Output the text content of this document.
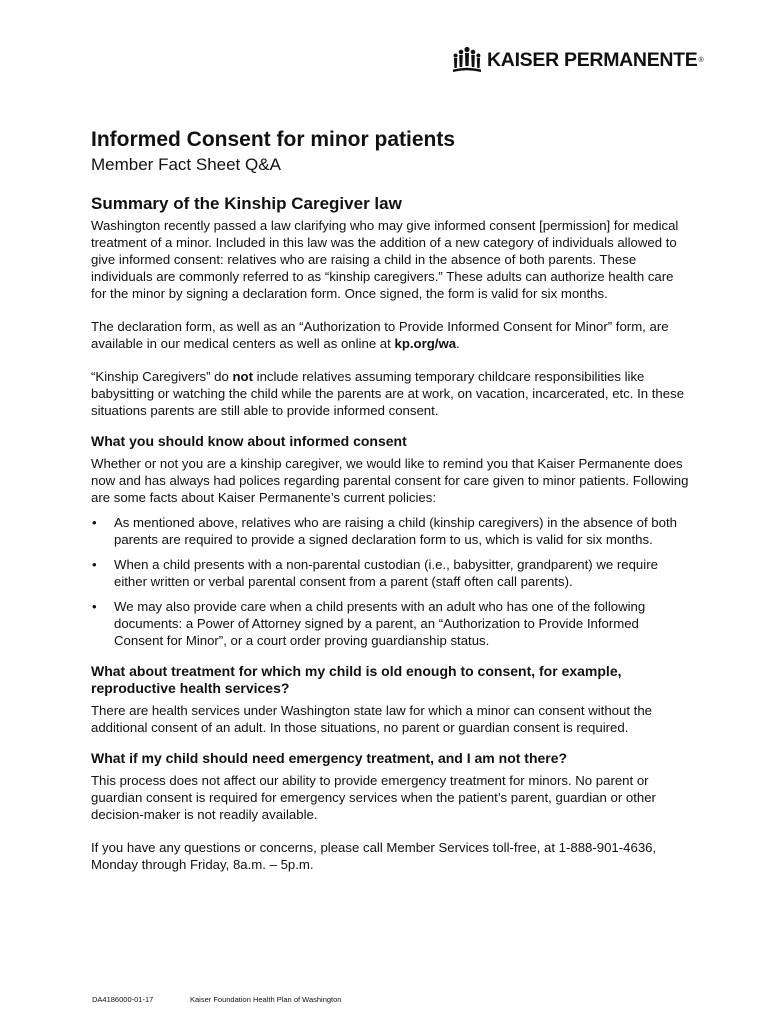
KAISER PERMANENTE ®
Informed Consent for minor patients
Member Fact Sheet Q&A
Summary of the Kinship Caregiver law

Washington recently passed a law clarifying who may give informed consent [permission] for medical treatment of a minor. Included in this law was the addition of a new category of individuals allowed to give informed consent: relatives who are raising a child in the absence of both parents. These individuals are commonly referred to as “kinship caregivers.” These adults can authorize health care for the minor by signing a declaration form. Once signed, the form is valid for six months.

The declaration form, as well as an “Authorization to Provide Informed Consent for Minor” form, are available in our medical centers as well as online at kp.org/wa.

“Kinship Caregivers” do not include relatives assuming temporary childcare responsibilities like babysitting or watching the child while the parents are at work, on vacation, incarcerated, etc. In these situations parents are still able to provide informed consent.

What you should know about informed consent

Whether or not you are a kinship caregiver, we would like to remind you that Kaiser Permanente does now and has always had polices regarding parental consent for care given to minor patients. Following are some facts about Kaiser Permanente’s current policies:

• As mentioned above, relatives who are raising a child (kinship caregivers) in the absence of both parents are required to provide a signed declaration form to us, which is valid for six months.
• When a child presents with a non-parental custodian (i.e., babysitter, grandparent) we require either written or verbal parental consent from a parent (staff often call parents).
• We may also provide care when a child presents with an adult who has one of the following documents: a Power of Attorney signed by a parent, an “Authorization to Provide Informed Consent for Minor”, or a court order proving guardianship status.
What about treatment for which my child is old enough to consent, for example, reproductive health services?

There are health services under Washington state law for which a minor can consent without the additional consent of an adult. In those situations, no parent or guardian consent is required.

What if my child should need emergency treatment, and I am not there?

This process does not affect our ability to provide emergency treatment for minors. No parent or guardian consent is required for emergency services when the patient’s parent, guardian or other decision-maker is not readily available.

If you have any questions or concerns, please call Member Services toll-free, at 1-888-901-4636, Monday through Friday, 8a.m. – 5p.m.

DA4186000-01-17	Kaiser Foundation Health Plan of Washington
